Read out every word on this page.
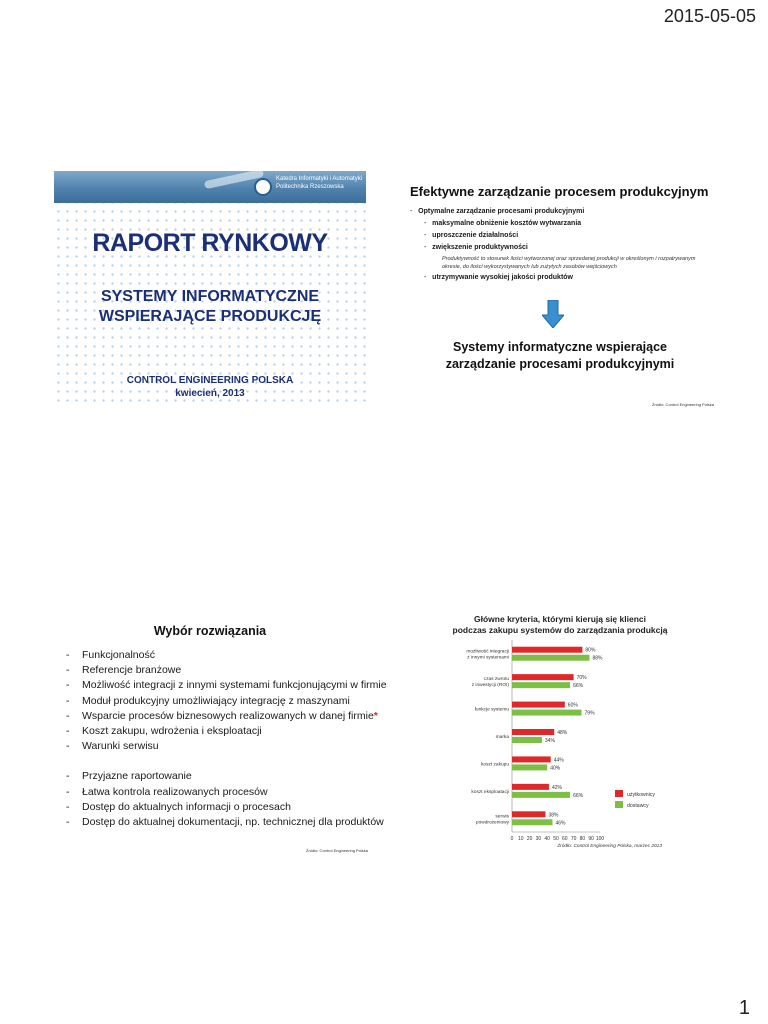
2015-05-05
1
Katedra Informatyki i Automatyki
Politechnika Rzeszowska
RAPORT RYNKOWY
SYSTEMY INFORMATYCZNE
WSPIERAJĄCE PRODUKCJĘ
CONTROL ENGINEERING POLSKA
kwiecień, 2013
Efektywne zarządzanie procesem produkcyjnym
-   Optymalne zarządzanie procesami produkcyjnymi
-   maksymalne obniżenie kosztów wytwarzania
-   uproszczenie działalności
-   zwiększenie produktywności
Produktywność to stosunek ilości wytworzonej oraz sprzedanej produkcji w określonym i rozpatrywanym
okresie, do ilości wykorzystywanych lub zużytych zasobów wejściowych
-   utrzymywanie wysokiej jakości produktów
Systemy informatyczne wspierające
zarządzanie procesami produkcyjnymi
Źródło: Control Engineering Polska
Wybór rozwiązania
- Funkcjonalność
- Referencje branżowe
- Możliwość integracji z innymi systemami funkcjonującymi w firmie
- Moduł produkcyjny umożliwiający integrację z maszynami
- Wsparcie procesów biznesowych realizowanych w danej firmie*
- Koszt zakupu, wdrożenia i eksploatacji
- Warunki serwisu
- Przyjazne raportowanie
- Łatwa kontrola realizowanych procesów
- Dostęp do aktualnych informacji o procesach
- Dostęp do aktualnej dokumentacji, np. technicznej dla produktów
Źródło: Control Engineering Polska
Główne kryteria, którymi kierują się klienci
podczas zakupu systemów do zarządzania produkcją
0 10 20 30 40 50 60 70 80 90 100
możliwość integracji
z innymi systemami
80%
88%
czas zwrotu
z inwestycji (ROI)
70%
66%
funkcje systemu
60%
79%
marka
48%
34%
koszt zakupu
44%
40%
koszt eksploatacji
42%
66%
serwis
powdrożeniowy
38%
46%
użytkownicy
dostawcy
Źródło: Control Engineering Polska, marzec 2013
